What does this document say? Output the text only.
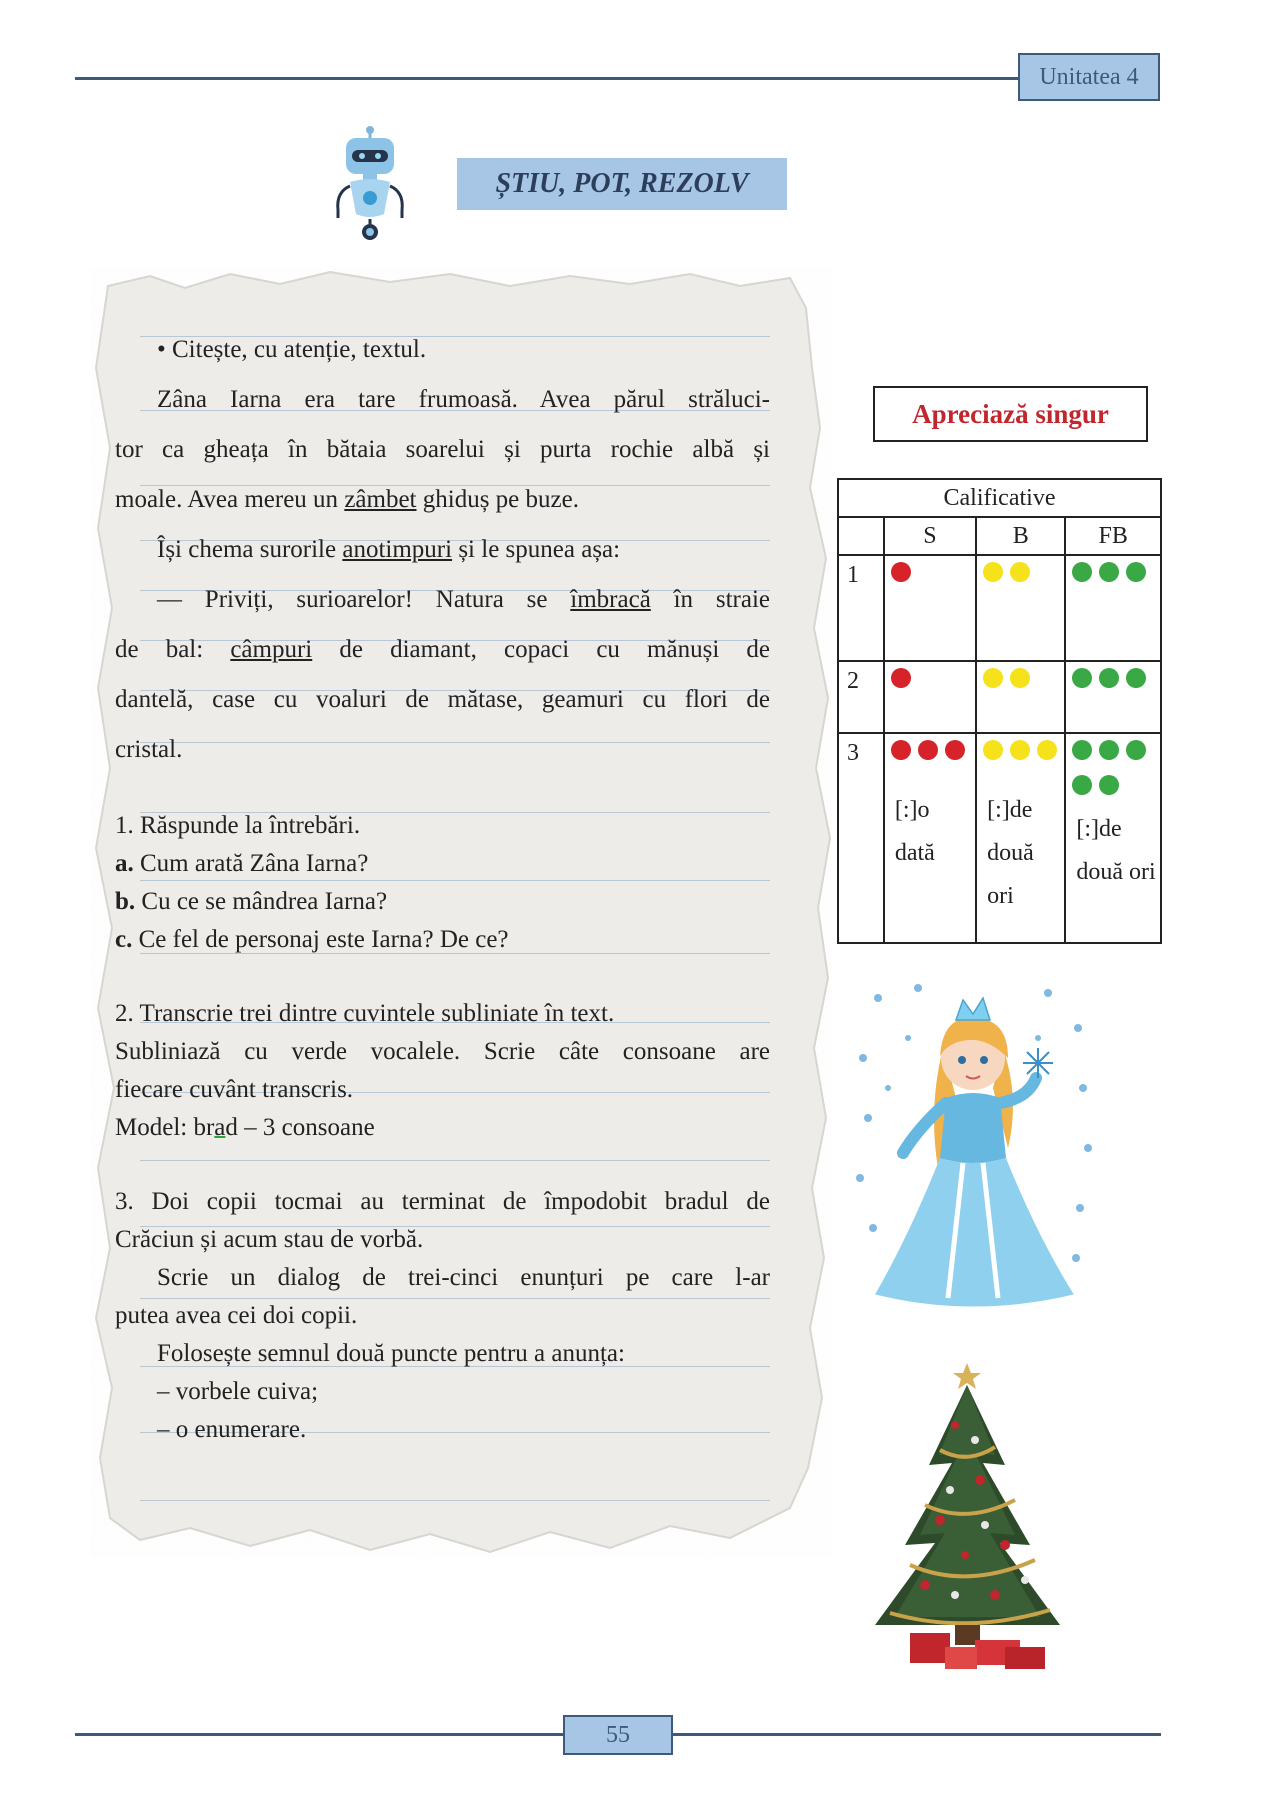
Unitatea 4
ȘTIU, POT, REZOLV
• Citește, cu atenție, textul.
Zâna Iarna era tare frumoasă. Avea părul străluci-
tor ca gheața în bătaia soarelui și purta rochie albă și
moale. Avea mereu un zâmbet ghiduș pe buze.
Își chema surorile anotimpuri și le spunea așa:
— Priviți, surioarelor! Natura se îmbracă în straie
de bal: câmpuri de diamant, copaci cu mănuși de
dantelă, case cu voaluri de mătase, geamuri cu flori de
cristal.
1. Răspunde la întrebări.
a. Cum arată Zâna Iarna?
b. Cu ce se mândrea Iarna?
c. Ce fel de personaj este Iarna? De ce?
2. Transcrie trei dintre cuvintele subliniate în text.
Subliniază cu verde vocalele. Scrie câte consoane are
fiecare cuvânt transcris.
Model: brad – 3 consoane
3. Doi copii tocmai au terminat de împodobit bradul de
Crăciun și acum stau de vorbă.
Scrie un dialog de trei-cinci enunțuri pe care l-ar
putea avea cei doi copii.
Folosește semnul două puncte pentru a anunța:
– vorbele cuiva;
– o enumerare.
Apreciază singur
Calificative			
	S	B	FB
1			
2			
3	[:]o dată	[:]de două ori	[:]de două ori
55
